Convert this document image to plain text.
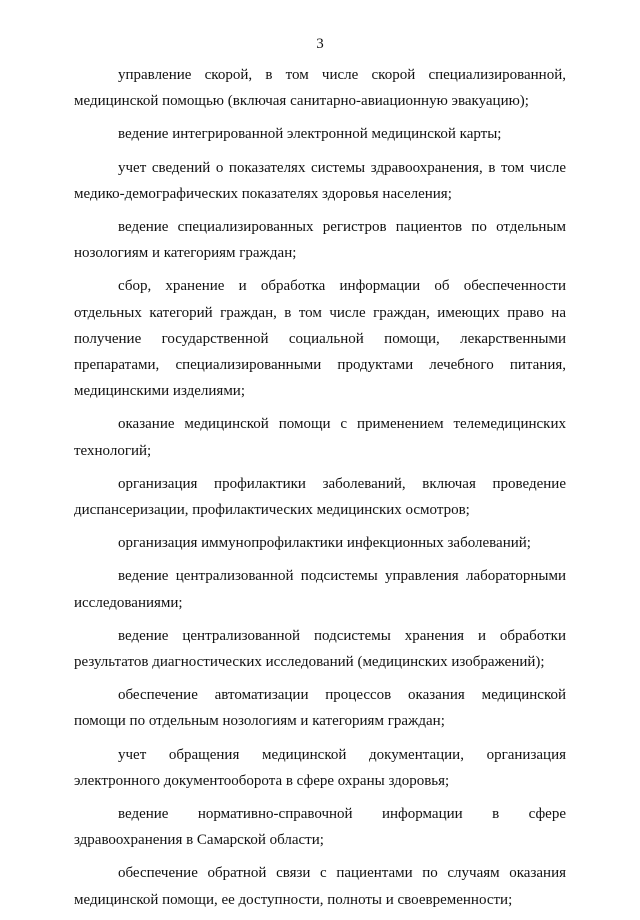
3

управление скорой, в том числе скорой специализированной, медицинской помощью (включая санитарно-авиационную эвакуацию);

ведение интегрированной электронной медицинской карты;

учет сведений о показателях системы здравоохранения, в том числе медико-демографических показателях здоровья населения;

ведение специализированных регистров пациентов по отдельным нозологиям и категориям граждан;

сбор, хранение и обработка информации об обеспеченности отдельных категорий граждан, в том числе граждан, имеющих право на получение государственной социальной помощи, лекарственными препаратами, специализированными продуктами лечебного питания, медицинскими изделиями;

оказание медицинской помощи с применением телемедицинских технологий;

организация профилактики заболеваний, включая проведение диспансеризации, профилактических медицинских осмотров;

организация иммунопрофилактики инфекционных заболеваний;

ведение централизованной подсистемы управления лабораторными исследованиями;

ведение централизованной подсистемы хранения и обработки результатов диагностических исследований (медицинских изображений);

обеспечение автоматизации процессов оказания медицинской помощи по отдельным нозологиям и категориям граждан;

учет обращения медицинской документации, организация электронного документооборота в сфере охраны здоровья;

ведение нормативно-справочной информации в сфере здравоохранения в Самарской области;

обеспечение обратной связи с пациентами по случаям оказания медицинской помощи, ее доступности, полноты и своевременности;
